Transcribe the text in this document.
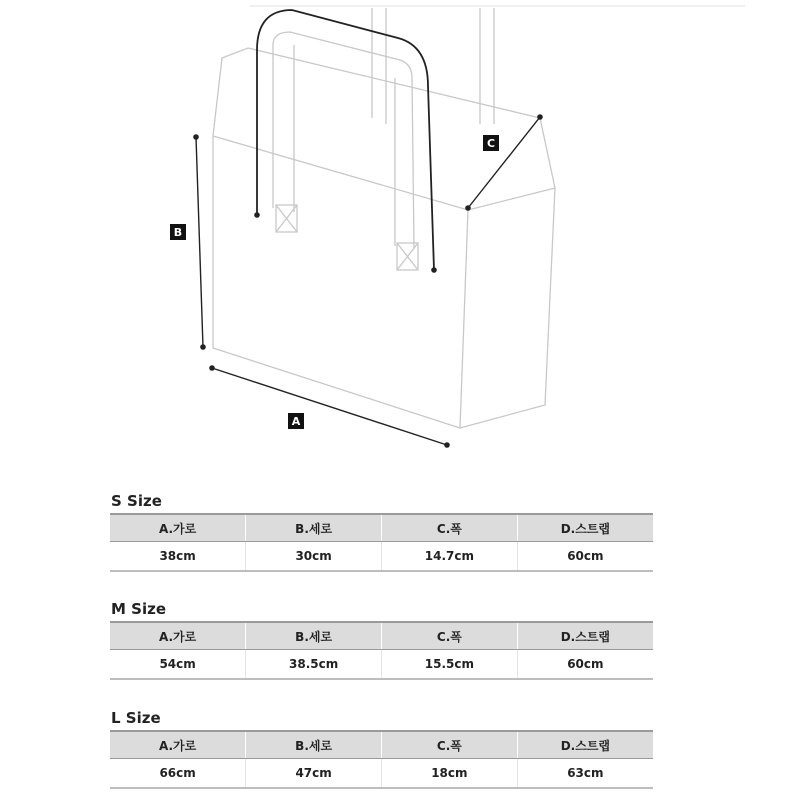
B
A
C
S Size
A.가로	B.세로	C.폭	D.스트랩
38cm	30cm	14.7cm	60cm
M Size
A.가로	B.세로	C.폭	D.스트랩
54cm	38.5cm	15.5cm	60cm
L Size
A.가로	B.세로	C.폭	D.스트랩
66cm	47cm	18cm	63cm
